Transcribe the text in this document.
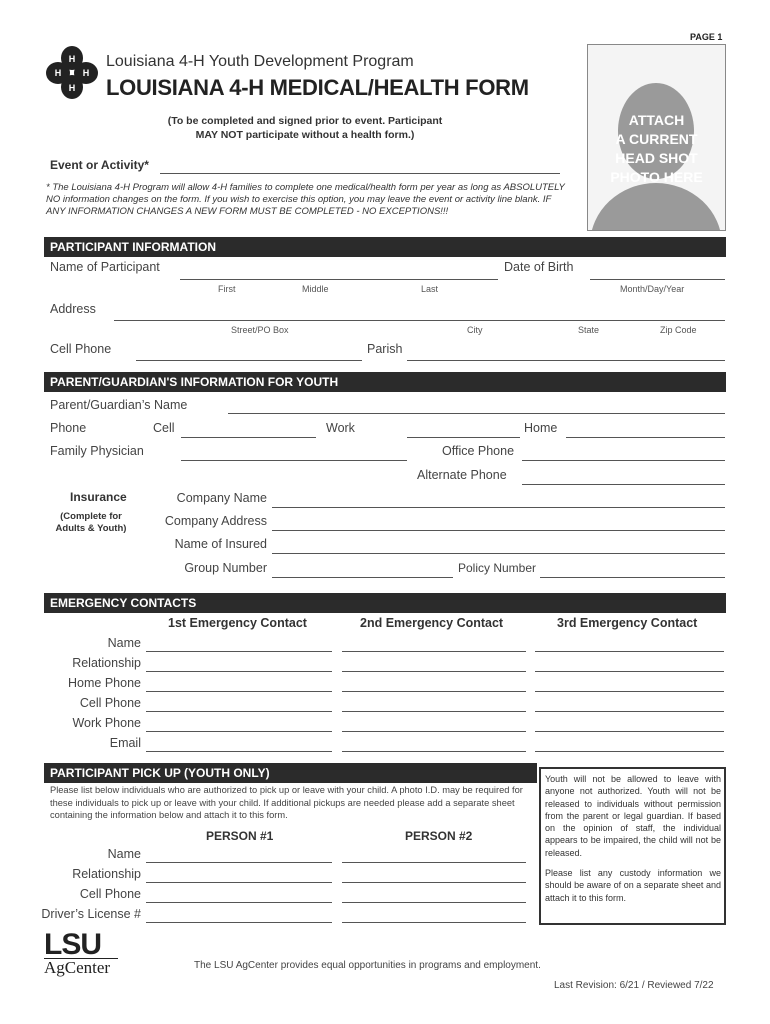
PAGE 1
H
H H
H
Louisiana 4-H Youth Development Program
LOUISIANA 4-H MEDICAL/HEALTH FORM
(To be completed and signed prior to event. Participant
MAY NOT participate without a health form.)
ATTACH
A CURRENT
HEAD SHOT
PHOTO HERE
Event or Activity*
* The Louisiana 4-H Program will allow 4-H families to complete one medical/health form per year as long as ABSOLUTELY NO information changes on the form. If you wish to exercise this option, you may leave the event or activity line blank. IF ANY INFORMATION CHANGES A NEW FORM MUST BE COMPLETED - NO EXCEPTIONS!!!
PARTICIPANT INFORMATION
Name of Participant
First	Middle	Last
Date of Birth
Month/Day/Year
Address
Street/PO Box	City	State	Zip Code
Cell Phone	Parish
PARENT/GUARDIAN'S INFORMATION FOR YOUTH
Parent/Guardian’s Name
Phone	Cell	Work	Home
Family Physician	Office Phone
Alternate Phone
Insurance
(Complete for
Adults & Youth)
Company Name
Company Address
Name of Insured
Group Number	Policy Number
EMERGENCY CONTACTS
1st Emergency Contact	2nd Emergency Contact	3rd Emergency Contact
Name
Relationship
Home Phone
Cell Phone
Work Phone
Email
PARTICIPANT PICK UP (YOUTH ONLY)
Please list below individuals who are authorized to pick up or leave with your child. A photo I.D. may be required for these individuals to pick up or leave with your child. If additional pickups are needed please add a separate sheet containing the information below and attach it to this form.
PERSON #1	PERSON #2
Name
Relationship
Cell Phone
Driver’s License #
Youth will not be allowed to leave with anyone not authorized. Youth will not be released to individuals without permission from the parent or legal guardian. If based on the opinion of staff, the individual appears to be impaired, the child will not be released.
Please list any custody information we should be aware of on a separate sheet and attach it to this form.
LSU
AgCenter	The LSU AgCenter provides equal opportunities in programs and employment.
Last Revision: 6/21 / Reviewed 7/22
